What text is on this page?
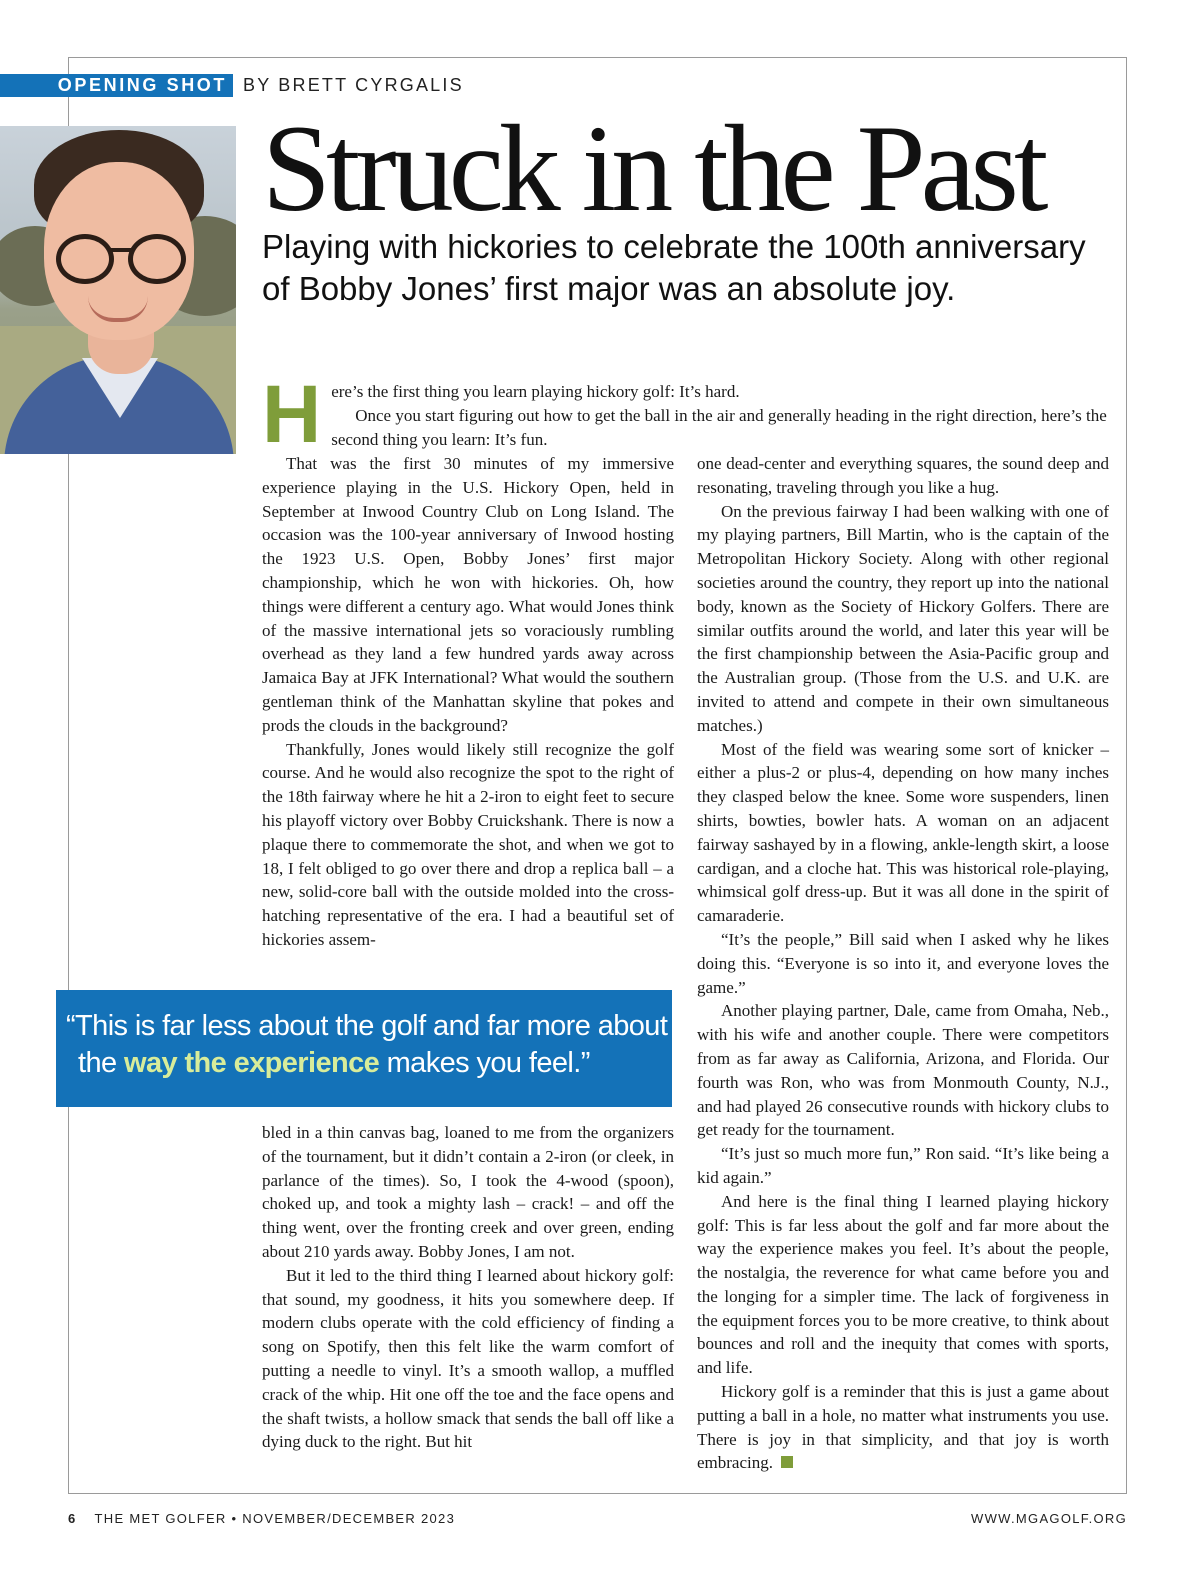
OPENING SHOT BY BRETT CYRGALIS
Struck in the Past
Playing with hickories to celebrate the 100th anniversary of Bobby Jones’ first major was an absolute joy.
H ere’s the first thing you learn playing hickory golf: It’s hard.

Once you start figuring out how to get the ball in the air and generally heading in the right direction, here’s the second thing you learn: It’s fun.

That was the first 30 minutes of my immersive experience playing in the U.S. Hickory Open, held in September at Inwood Country Club on Long Island. The occasion was the 100-year anniversary of Inwood hosting the 1923 U.S. Open, Bobby Jones’ first major championship, which he won with hickories. Oh, how things were different a century ago. What would Jones think of the massive international jets so voraciously rumbling overhead as they land a few hundred yards away across Jamaica Bay at JFK International? What would the southern gentleman think of the Manhattan skyline that pokes and prods the clouds in the background?

Thankfully, Jones would likely still recognize the golf course. And he would also recognize the spot to the right of the 18th fairway where he hit a 2-iron to eight feet to secure his playoff victory over Bobby Cruickshank. There is now a plaque there to commemorate the shot, and when we got to 18, I felt obliged to go over there and drop a replica ball – a new, solid-core ball with the outside molded into the cross-hatching representative of the era. I had a beautiful set of hickories assem-

“This is far less about the golf and far more about
the way the experience makes you feel.”

bled in a thin canvas bag, loaned to me from the organizers of the tournament, but it didn’t contain a 2-iron (or cleek, in parlance of the times). So, I took the 4-wood (spoon), choked up, and took a mighty lash – crack! – and off the thing went, over the fronting creek and over green, ending about 210 yards away. Bobby Jones, I am not.

But it led to the third thing I learned about hickory golf: that sound, my goodness, it hits you somewhere deep. If modern clubs operate with the cold efficiency of finding a song on Spotify, then this felt like the warm comfort of putting a needle to vinyl. It’s a smooth wallop, a muffled crack of the whip. Hit one off the toe and the face opens and the shaft twists, a hollow smack that sends the ball off like a dying duck to the right. But hit

one dead-center and everything squares, the sound deep and resonating, traveling through you like a hug.

On the previous fairway I had been walking with one of my playing partners, Bill Martin, who is the captain of the Metropolitan Hickory Society. Along with other regional societies around the country, they report up into the national body, known as the Society of Hickory Golfers. There are similar outfits around the world, and later this year will be the first championship between the Asia-Pacific group and the Australian group. (Those from the U.S. and U.K. are invited to attend and compete in their own simultaneous matches.)

Most of the field was wearing some sort of knicker – either a plus-2 or plus-4, depending on how many inches they clasped below the knee. Some wore suspenders, linen shirts, bowties, bowler hats. A woman on an adjacent fairway sashayed by in a flowing, ankle-length skirt, a loose cardigan, and a cloche hat. This was historical role-playing, whimsical golf dress-up. But it was all done in the spirit of camaraderie.

“It’s the people,” Bill said when I asked why he likes doing this. “Everyone is so into it, and everyone loves the game.”

Another playing partner, Dale, came from Omaha, Neb., with his wife and another couple. There were competitors from as far away as California, Arizona, and Florida. Our fourth was Ron, who was from Monmouth County, N.J., and had played 26 consecutive rounds with hickory clubs to get ready for the tournament.

“It’s just so much more fun,” Ron said. “It’s like being a kid again.”

And here is the final thing I learned playing hickory golf: This is far less about the golf and far more about the way the experience makes you feel. It’s about the people, the nostalgia, the reverence for what came before you and the longing for a simpler time. The lack of forgiveness in the equipment forces you to be more creative, to think about bounces and roll and the inequity that comes with sports, and life.

Hickory golf is a reminder that this is just a game about putting a ball in a hole, no matter what instruments you use. There is joy in that simplicity, and that joy is worth embracing.

6 THE MET GOLFER • NOVEMBER/DECEMBER 2023	WWW.MGAGOLF.ORG
